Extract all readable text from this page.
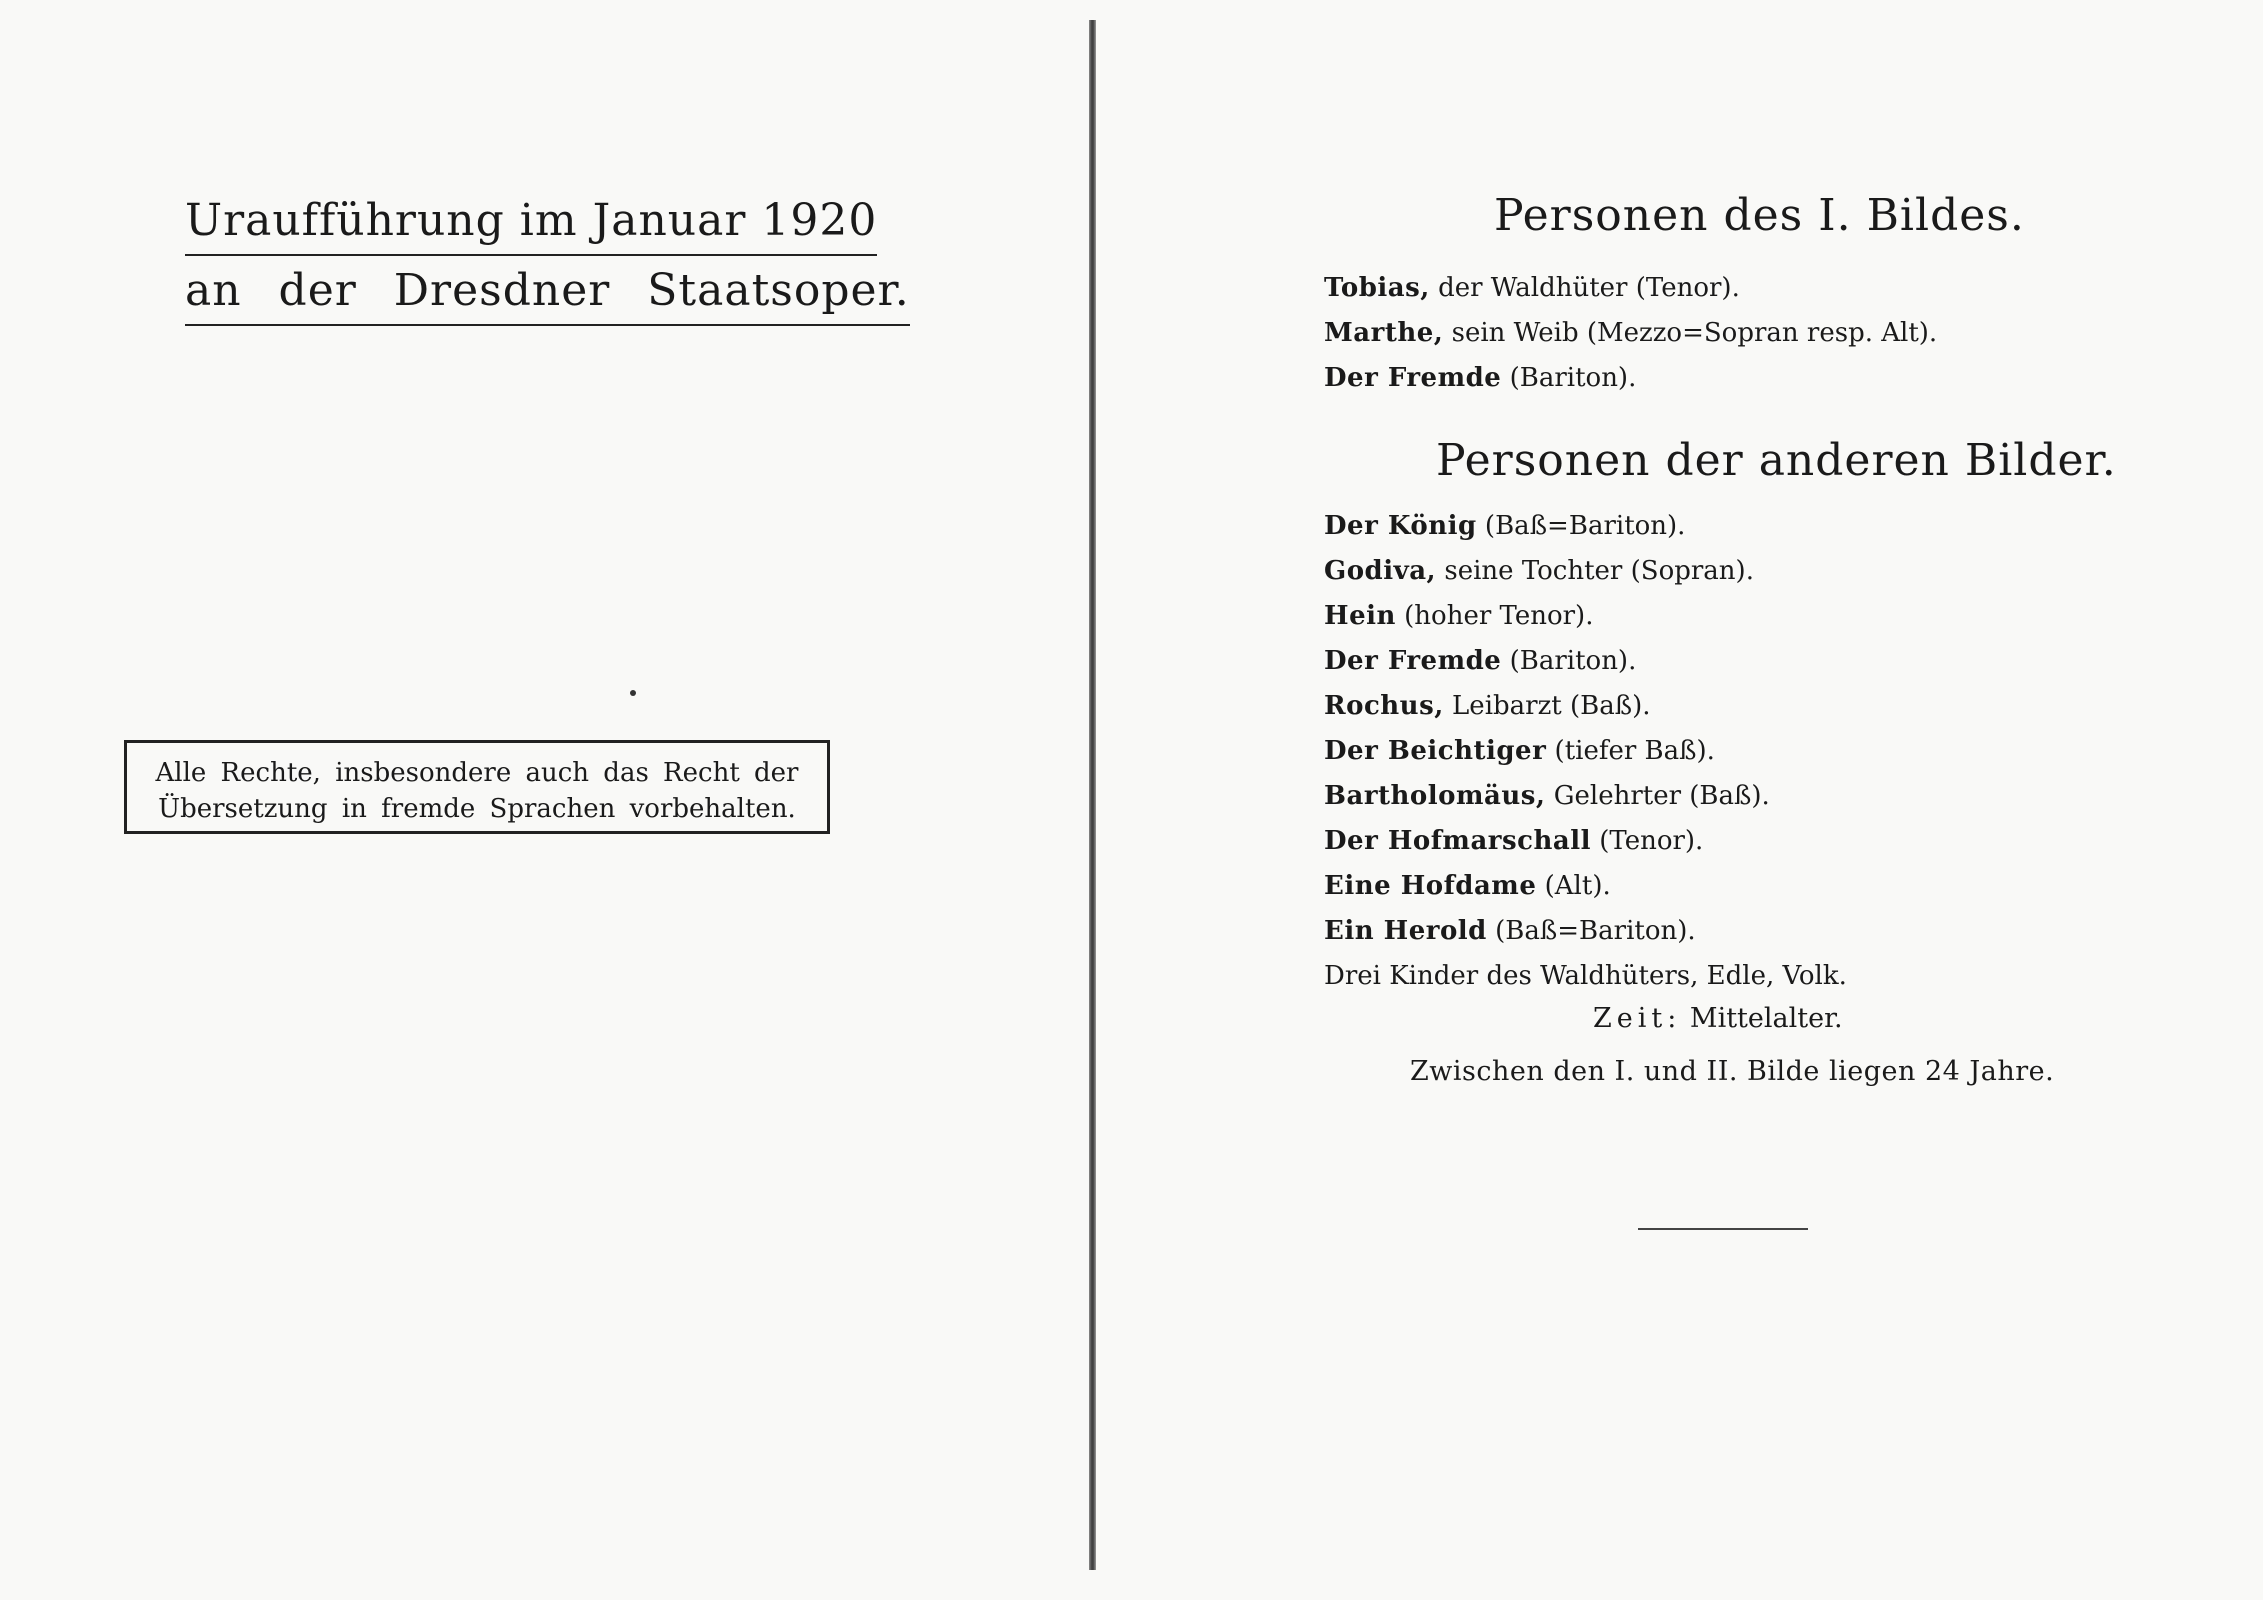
Uraufführung im Januar 1920
an der Dresdner Staatsoper.
Alle Rechte, insbesondere auch das Recht der
Übersetzung in fremde Sprachen vorbehalten.
Personen des I. Bildes.
Tobias, der Waldhüter (Tenor).
Marthe, sein Weib (Mezzo=Sopran resp. Alt).
Der Fremde (Bariton).
Personen der anderen Bilder.
Der König (Baß=Bariton).
Godiva, seine Tochter (Sopran).
Hein (hoher Tenor).
Der Fremde (Bariton).
Rochus, Leibarzt (Baß).
Der Beichtiger (tiefer Baß).
Bartholomäus, Gelehrter (Baß).
Der Hofmarschall (Tenor).
Eine Hofdame (Alt).
Ein Herold (Baß=Bariton).
Drei Kinder des Waldhüters, Edle, Volk.
Zeit: Mittelalter.
Zwischen den I. und II. Bilde liegen 24 Jahre.
